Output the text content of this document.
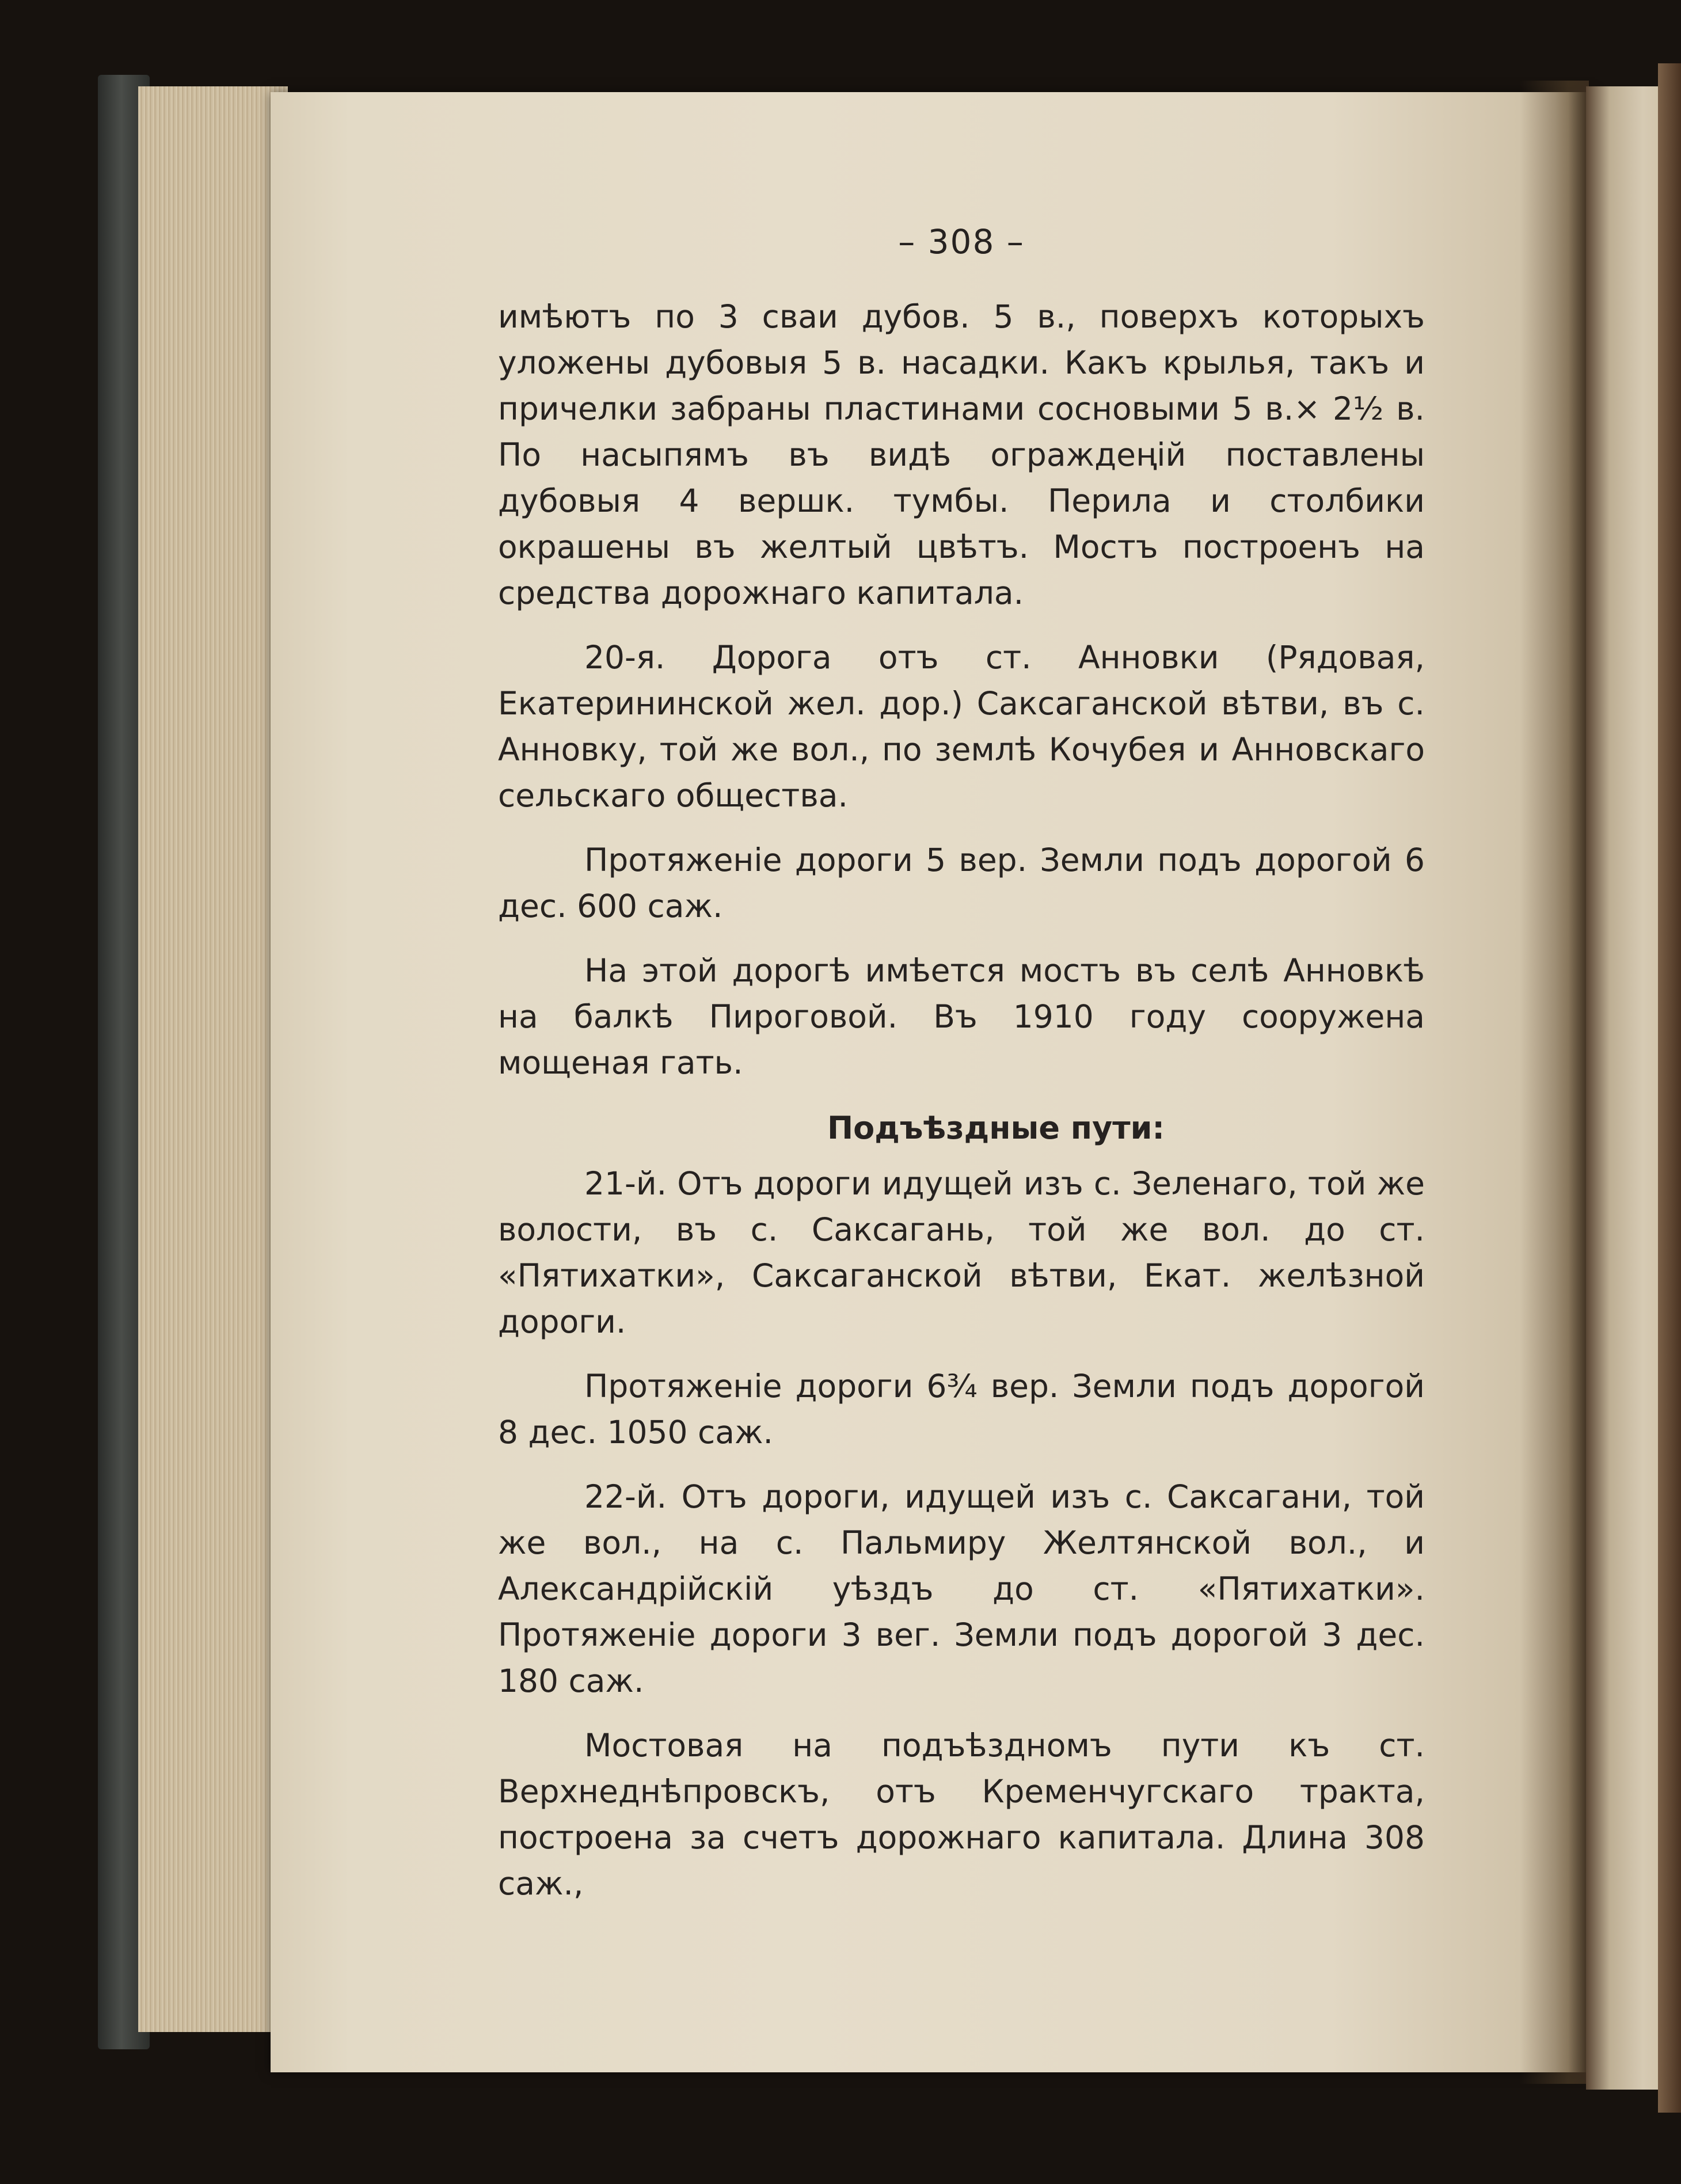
– 308 –

имѣютъ по 3 сваи дубов. 5 в., поверхъ которыхъ уложены дубовыя 5 в. насадки. Какъ крылья, такъ и причелки забраны пластинами сосновыми 5 в.× 2½ в. По насыпямъ въ видѣ ограждеңій поставлены дубовыя 4 вершк. тумбы. Перила и столбики окрашены въ желтый цвѣтъ. Мостъ построенъ на средства дорожнаго капитала.

20-я. Дорога отъ ст. Анновки (Рядовая, Екатерининской жел. дор.) Саксаганской вѣтви, въ с. Анновку, той же вол., по землѣ Кочубея и Анновскаго сельскаго общества.

Протяженіе дороги 5 вер. Земли подъ дорогой 6 дес. 600 саж.

На этой дорогѣ имѣется мостъ въ селѣ Анновкѣ на балкѣ Пироговой. Въ 1910 году сооружена мощеная гать.

Подъѣздные пути:

21-й. Отъ дороги идущей изъ с. Зеленаго, той же волости, въ с. Саксагань, той же вол. до ст. «Пятихатки», Саксаганской вѣтви, Екат. желѣзной дороги.

Протяженіе дороги 6¾ вер. Земли подъ дорогой 8 дес. 1050 саж.

22-й. Отъ дороги, идущей изъ с. Саксагани, той же вол., на с. Пальмиру Желтянской вол., и Александрійскій уѣздъ до ст. «Пятихатки». Протяженіе дороги 3 вег. Земли подъ дорогой 3 дес. 180 саж.

Мостовая на подъѣздномъ пути къ ст. Верхнеднѣпровскъ, отъ Кременчугскаго тракта, построена за счетъ дорожнаго капитала. Длина 308 саж.,
